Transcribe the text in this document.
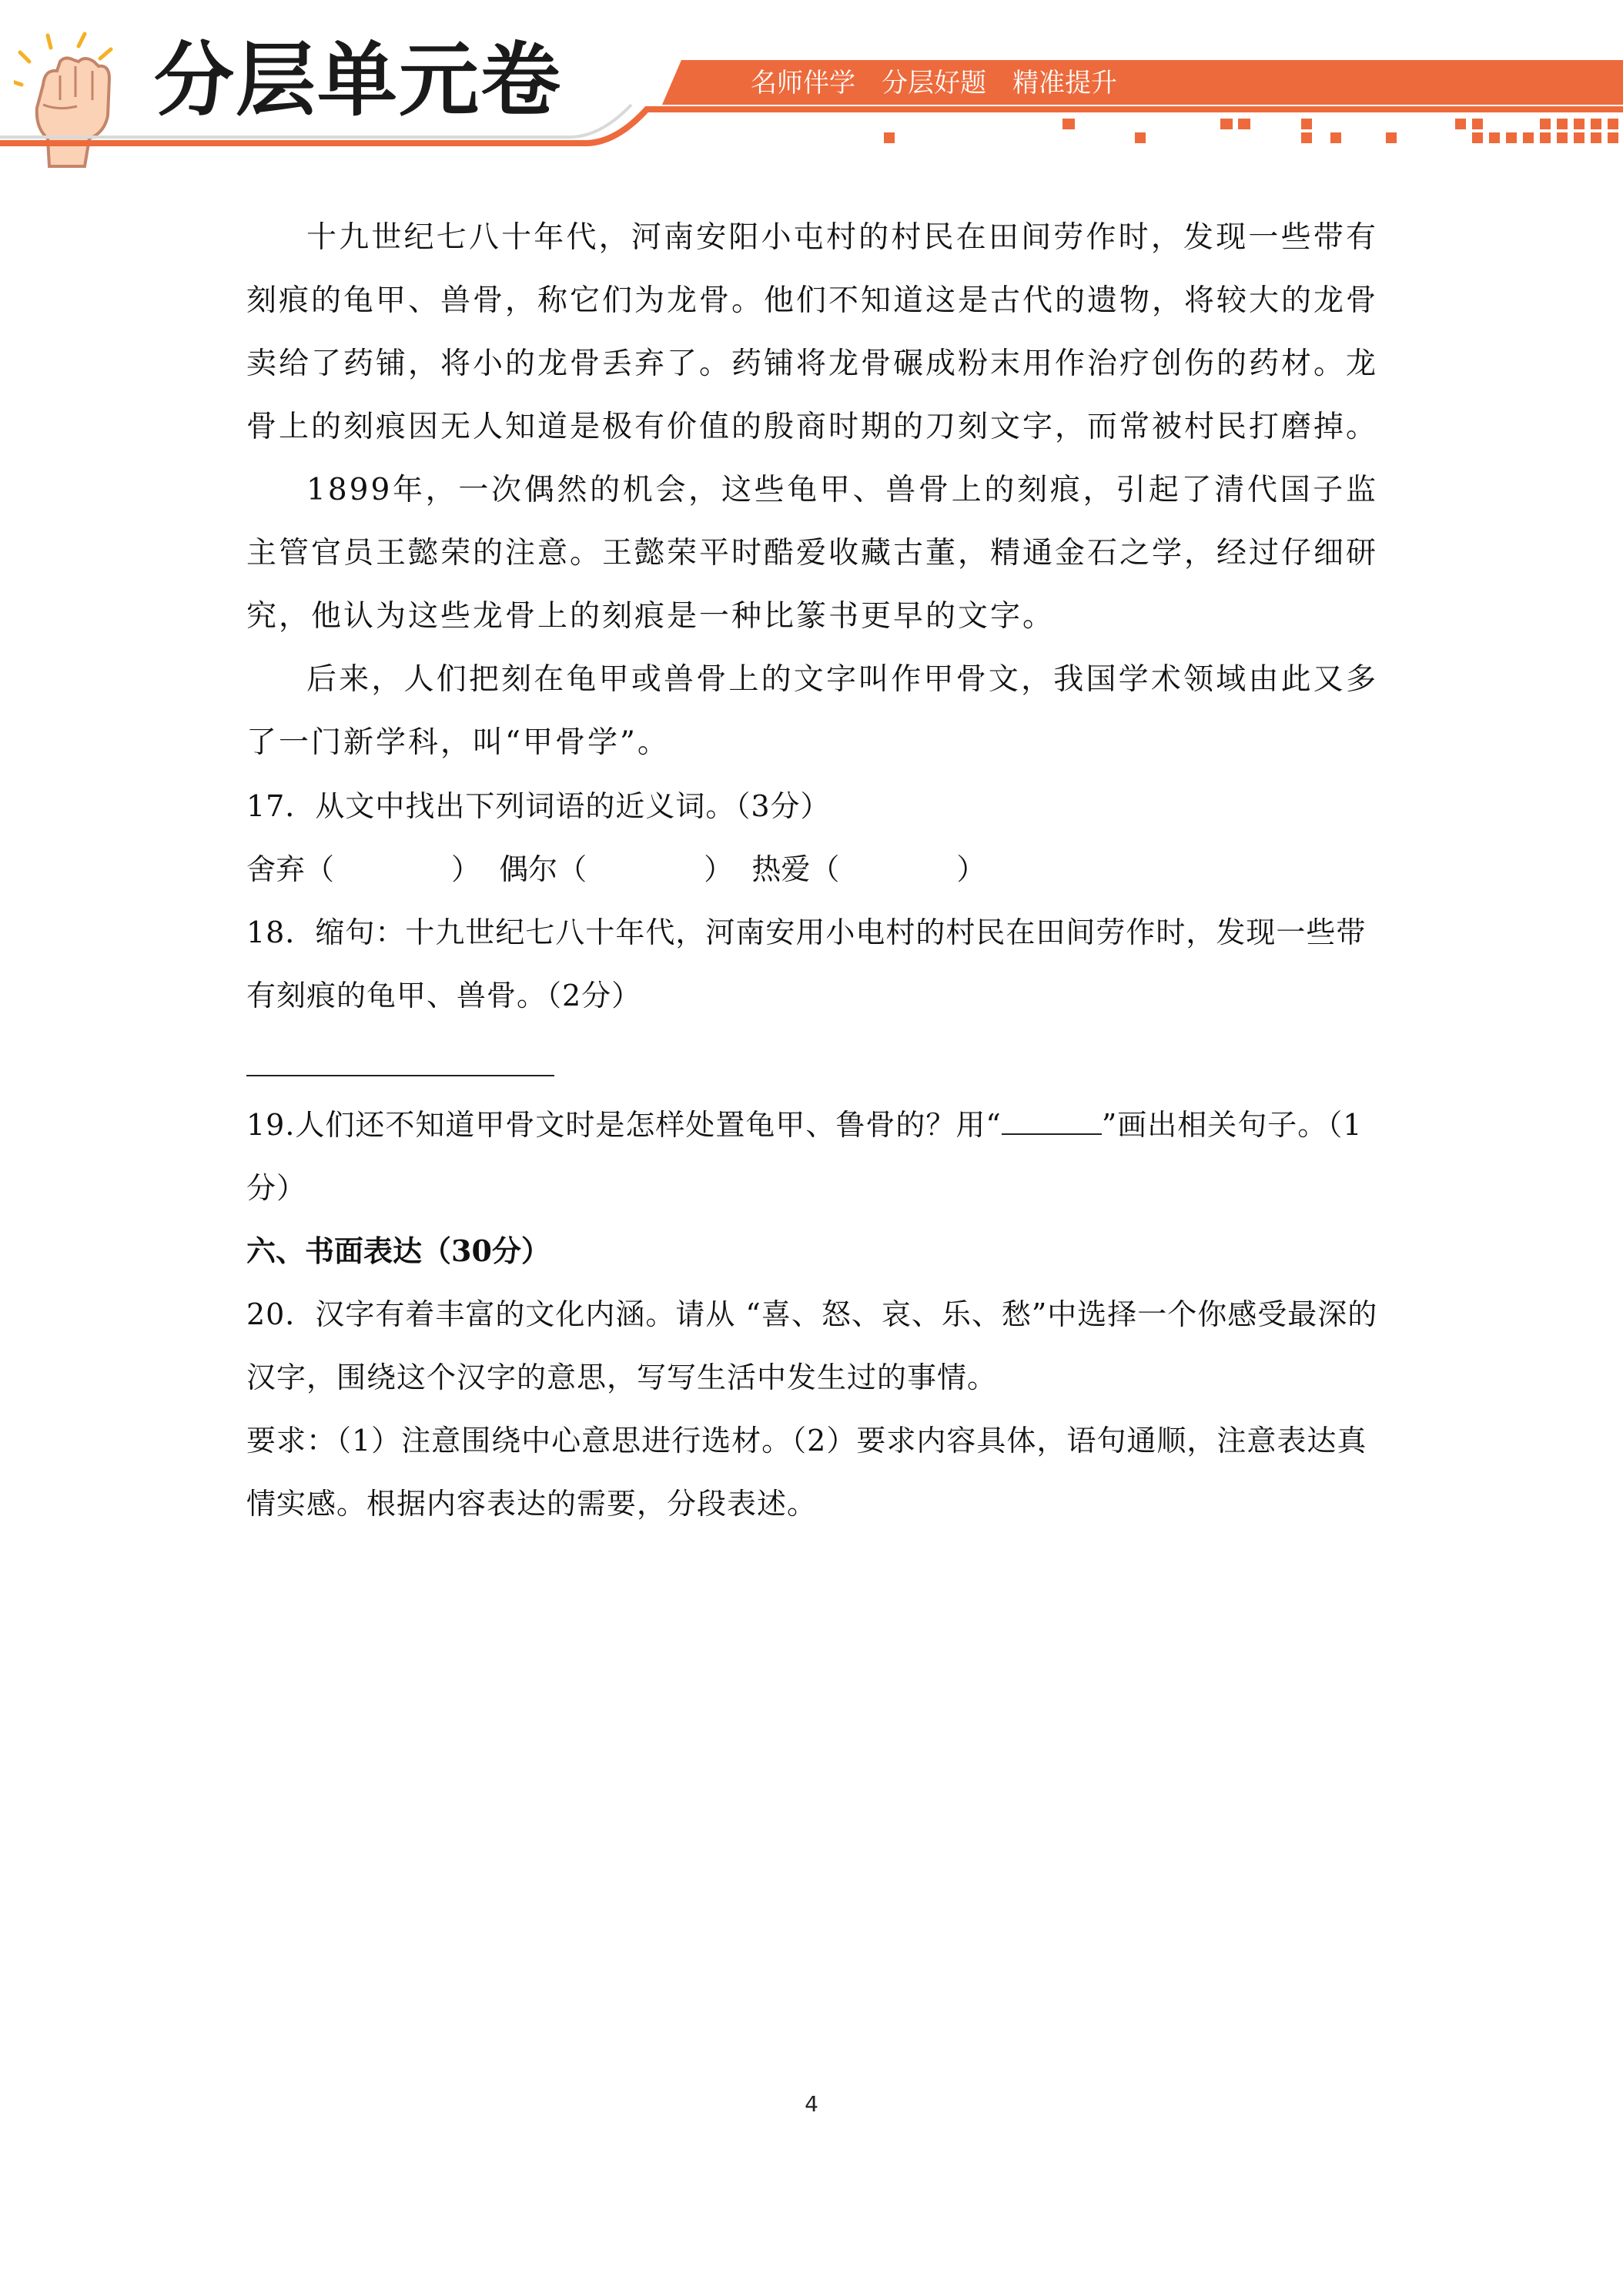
分层单元卷	名师伴学　分层好题　精准提升

十九世纪七八十年代，河南安阳小屯村的村民在田间劳作时，发现一些带有刻痕的龟甲、兽骨，称它们为龙骨。他们不知道这是古代的遗物，将较大的龙骨卖给了药铺，将小的龙骨丢弃了。药铺将龙骨碾成粉末用作治疗创伤的药材。龙骨上的刻痕因无人知道是极有价值的殷商时期的刀刻文字，而常被村民打磨掉。

1899年，一次偶然的机会，这些龟甲、兽骨上的刻痕，引起了清代国子监主管官员王懿荣的注意。王懿荣平时酷爱收藏古董，精通金石之学，经过仔细研究，他认为这些龙骨上的刻痕是一种比篆书更早的文字。

后来，人们把刻在龟甲或兽骨上的文字叫作甲骨文，我国学术领域由此又多了一门新学科，叫“甲骨学”。

17．从文中找出下列词语的近义词。（3分）

舍弃（　　　　）  偶尔（　　　　）  热爱（　　　　）

18．缩句：十九世纪七八十年代，河南安用小电村的村民在田间劳作时，发现一些带有刻痕的龟甲、兽骨。（2分）

19.人们还不知道甲骨文时是怎样处置龟甲、鲁骨的？用“	”画出相关句子。（1分）

六、书面表达（30分）

20．汉字有着丰富的文化内涵。请从 “喜、怒、哀、乐、愁”中选择一个你感受最深的汉字，围绕这个汉字的意思，写写生活中发生过的事情。

要求：（1）注意围绕中心意思进行选材。（2）要求内容具体，语句通顺，注意表达真情实感。根据内容表达的需要，分段表述。

4
